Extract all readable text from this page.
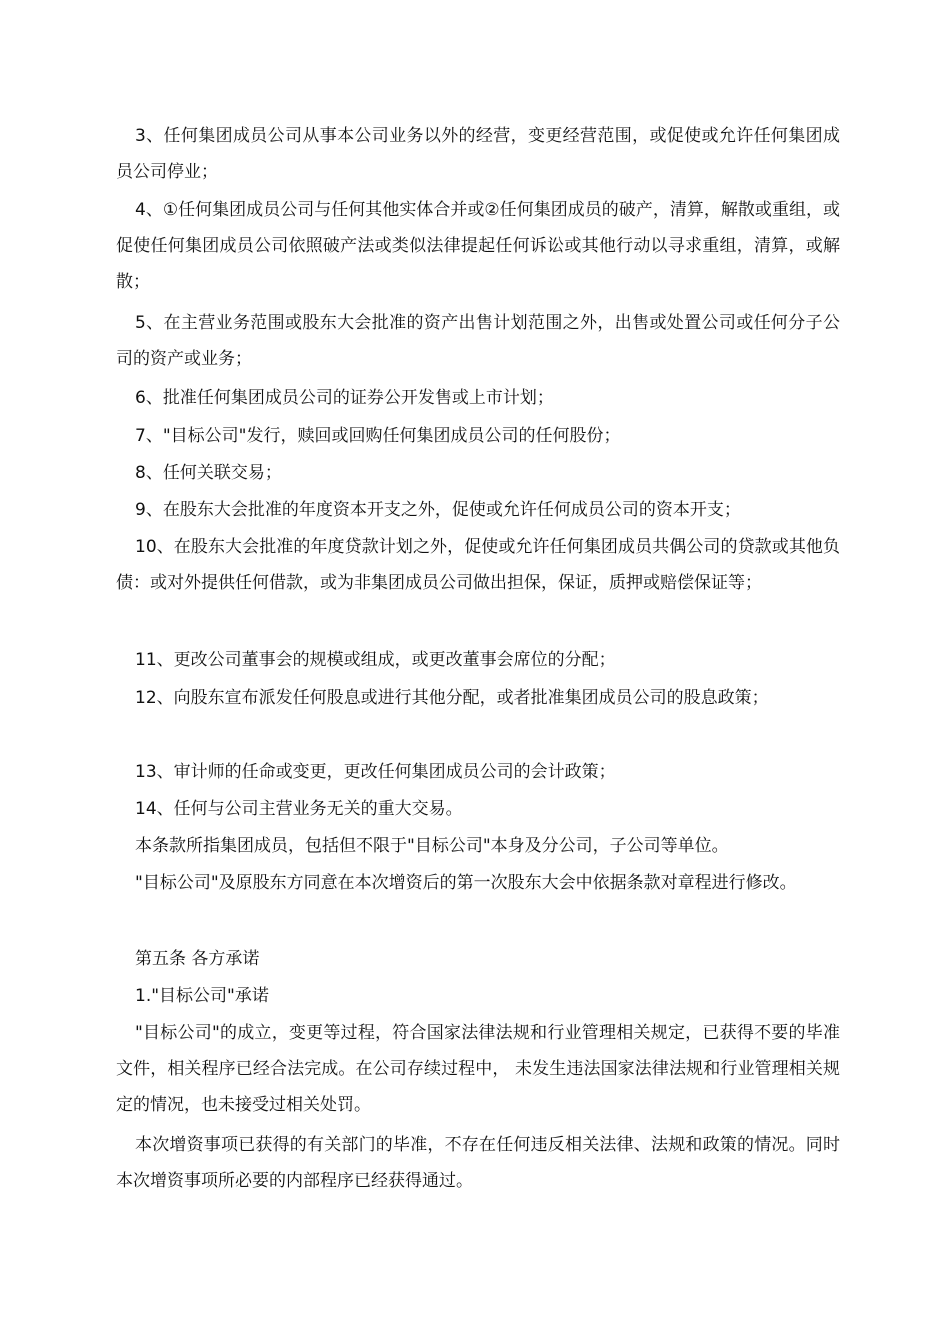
3、任何集团成员公司从事本公司业务以外的经营，变更经营范围，或促使或允许任何集团成员公司停业；

4、①任何集团成员公司与任何其他实体合并或②任何集团成员的破产，清算，解散或重组，或促使任何集团成员公司依照破产法或类似法律提起任何诉讼或其他行动以寻求重组，清算，或解散；

5、在主营业务范围或股东大会批准的资产出售计划范围之外，出售或处置公司或任何分子公司的资产或业务；

6、批准任何集团成员公司的证券公开发售或上市计划；

7、"目标公司"发行，赎回或回购任何集团成员公司的任何股份；

8、任何关联交易；

9、在股东大会批准的年度资本开支之外，促使或允许任何成员公司的资本开支；

10、在股东大会批准的年度贷款计划之外，促使或允许任何集团成员共偶公司的贷款或其他负债：或对外提供任何借款，或为非集团成员公司做出担保，保证，质押或赔偿保证等；

11、更改公司董事会的规模或组成，或更改董事会席位的分配；

12、向股东宣布派发任何股息或进行其他分配，或者批准集团成员公司的股息政策；

13、审计师的任命或变更，更改任何集团成员公司的会计政策；

14、任何与公司主营业务无关的重大交易。

本条款所指集团成员，包括但不限于"目标公司"本身及分公司，子公司等单位。

"目标公司"及原股东方同意在本次增资后的第一次股东大会中依据条款对章程进行修改。

第五条 各方承诺

1."目标公司"承诺

"目标公司"的成立，变更等过程，符合国家法律法规和行业管理相关规定，已获得不要的毕准文件，相关程序已经合法完成。在公司存续过程中， 未发生违法国家法律法规和行业管理相关规定的情况，也未接受过相关处罚。

本次增资事项已获得的有关部门的毕准，不存在任何违反相关法律、法规和政策的情况。同时本次增资事项所必要的内部程序已经获得通过。
